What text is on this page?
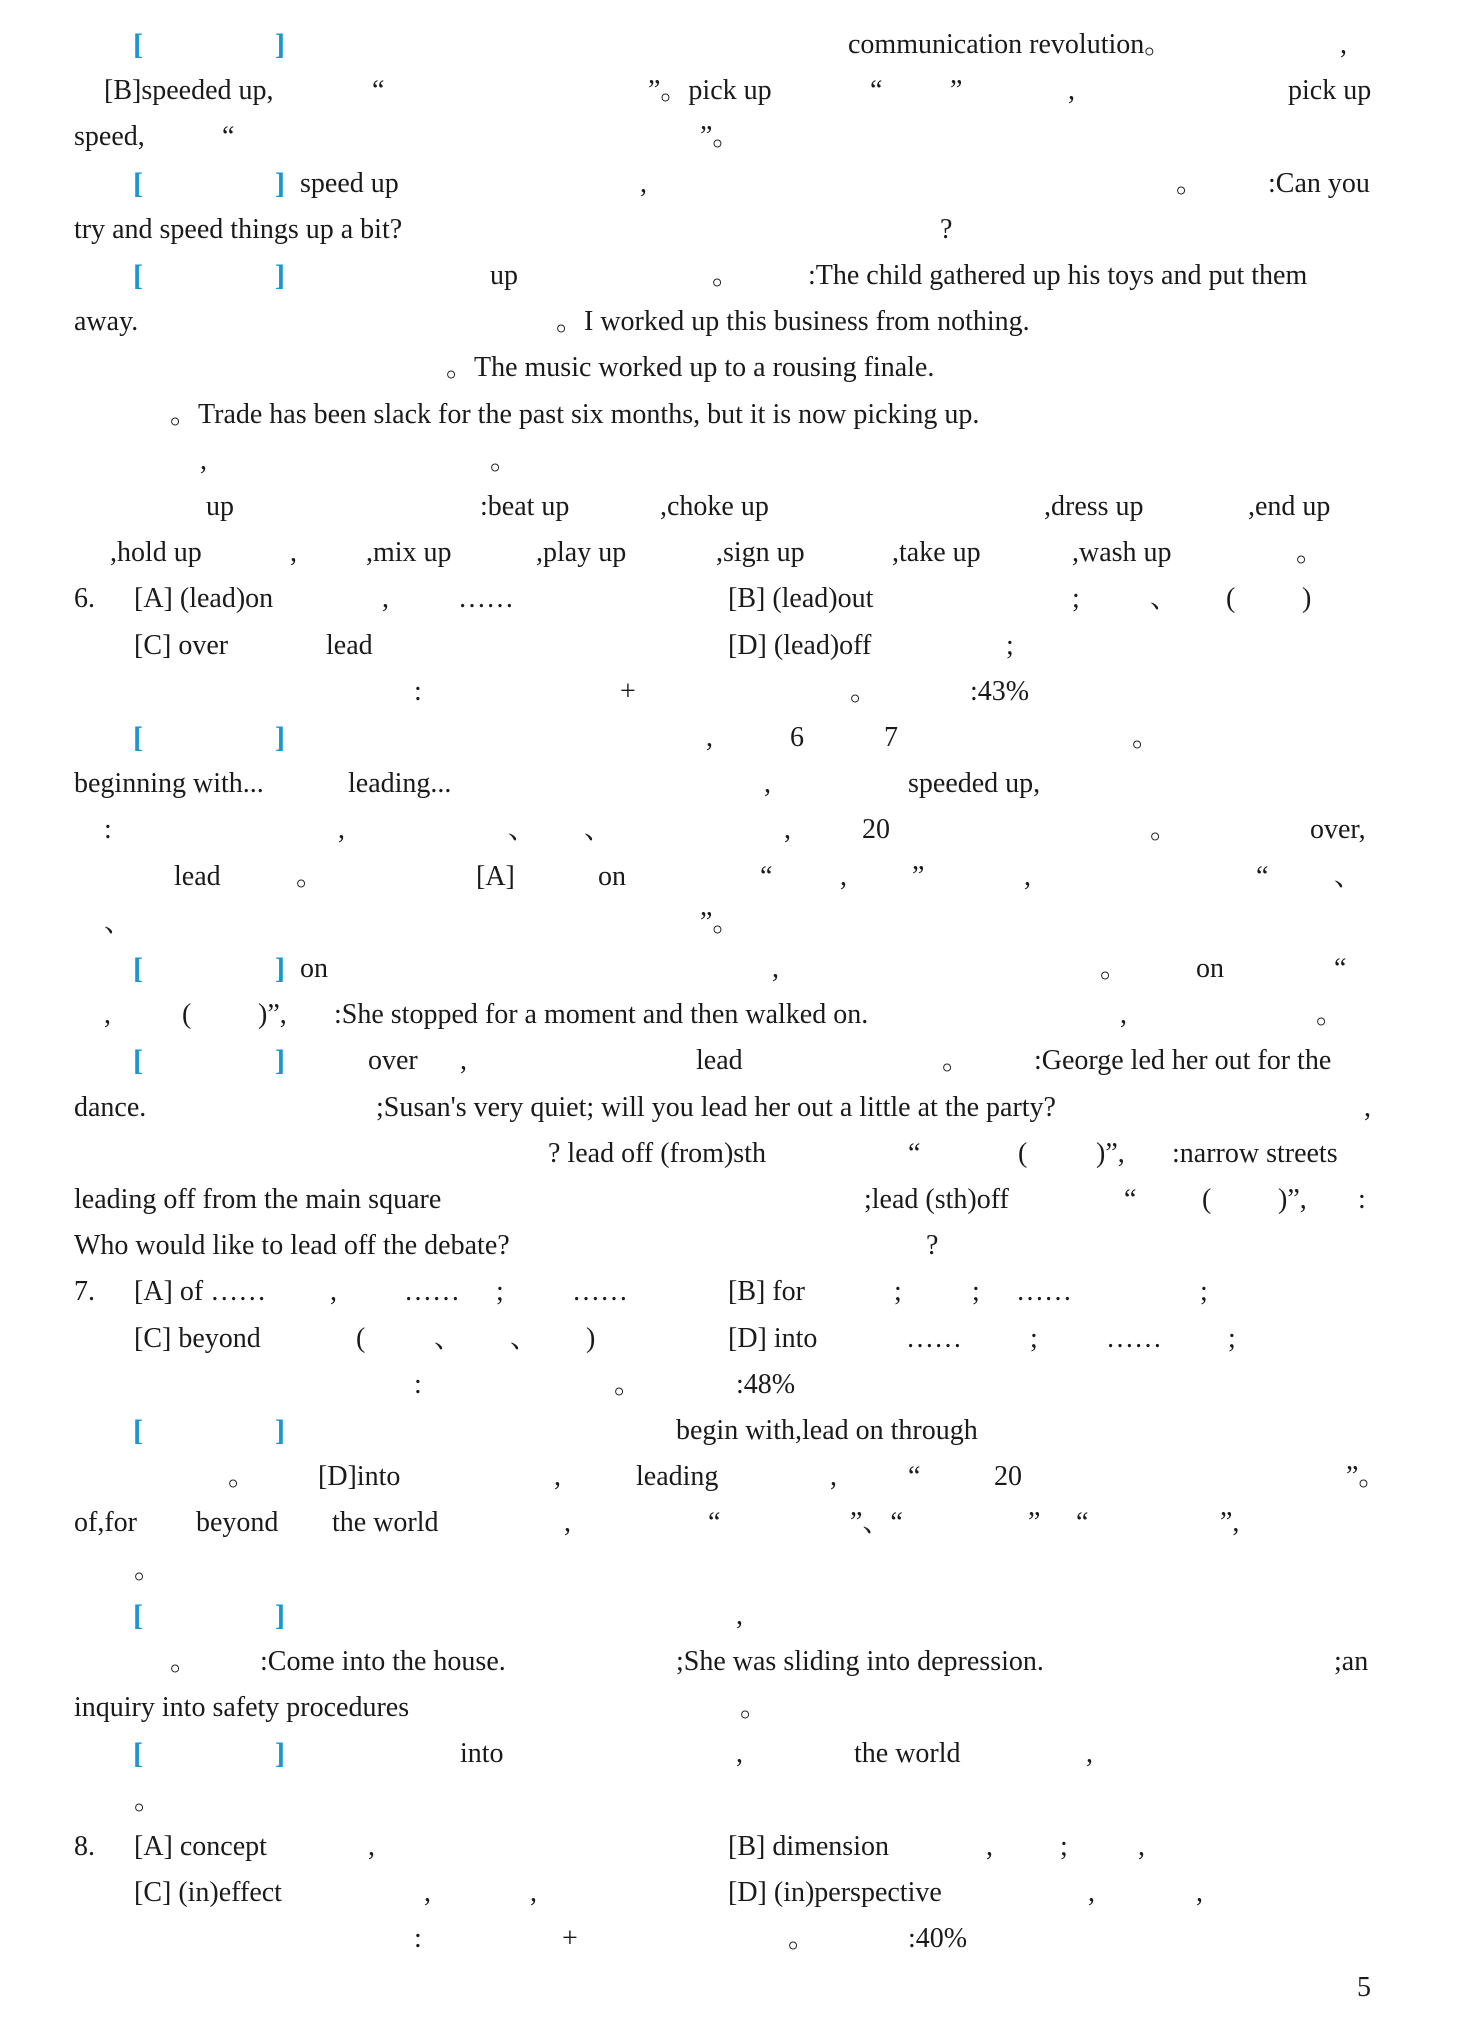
[	]	communication revolution。	,
[B]speeded up,	“	”。pick up	“ ”	,	pick up
speed,	“	”。
[	] speed up	,	。 :Can you
try and speed things up a bit?	?
[	]	up	。 :The child gathered up his toys and put them
away.	。I worked up this business from nothing.
。The music worked up to a rousing finale.
。Trade has been slack for the past six months, but it is now picking up.
,	。
up	:beat up	,choke up	,dress up	,end up
,hold up	, ,mix up	,play up	,sign up	,take up	,wash up	。
6. [A] (lead)on	, ……	[B] (lead)out	;	、 ( )
[C] over	lead	[D] (lead)off	;
:	+	。	:43%
[	]	,	6	7	。
beginning with...	leading...	,	speeded up,
:	,	、 、	,	20	。	over,
lead	。	[A]	on	“ , ”	,	“ 、
、	”。
[	] on	,	。 on	“
,	( )”, :She stopped for a moment and then walked on.	,	。
[	]	over ,	lead	。 :George led her out for the
dance.	;Susan's very quiet; will you lead her out a little at the party?	,
? lead off (from)sth	“	( )”, :narrow streets
leading off from the main square	;lead (sth)off	“ ( )”, :
Who would like to lead off the debate?	?
7. [A] of …… , …… ; ……	[B] for	;	; ……	;
[C] beyond	( 、 、 )	[D] into	…… ; …… ;
:	。	:48%
[	]	begin with,lead on through
。 [D]into	,	leading	,	“	20	”。
of,for beyond the world	,	“	”、“	” “	”,
。
[	]	,
。 :Come into the house.	;She was sliding into depression.	;an
inquiry into safety procedures	。
[	]	into	,	the world	,
。
8. [A] concept	,	[B] dimension	, ;	,
[C] (in)effect	,	,	[D] (in)perspective	,	,
:	+	。	:40%
5
